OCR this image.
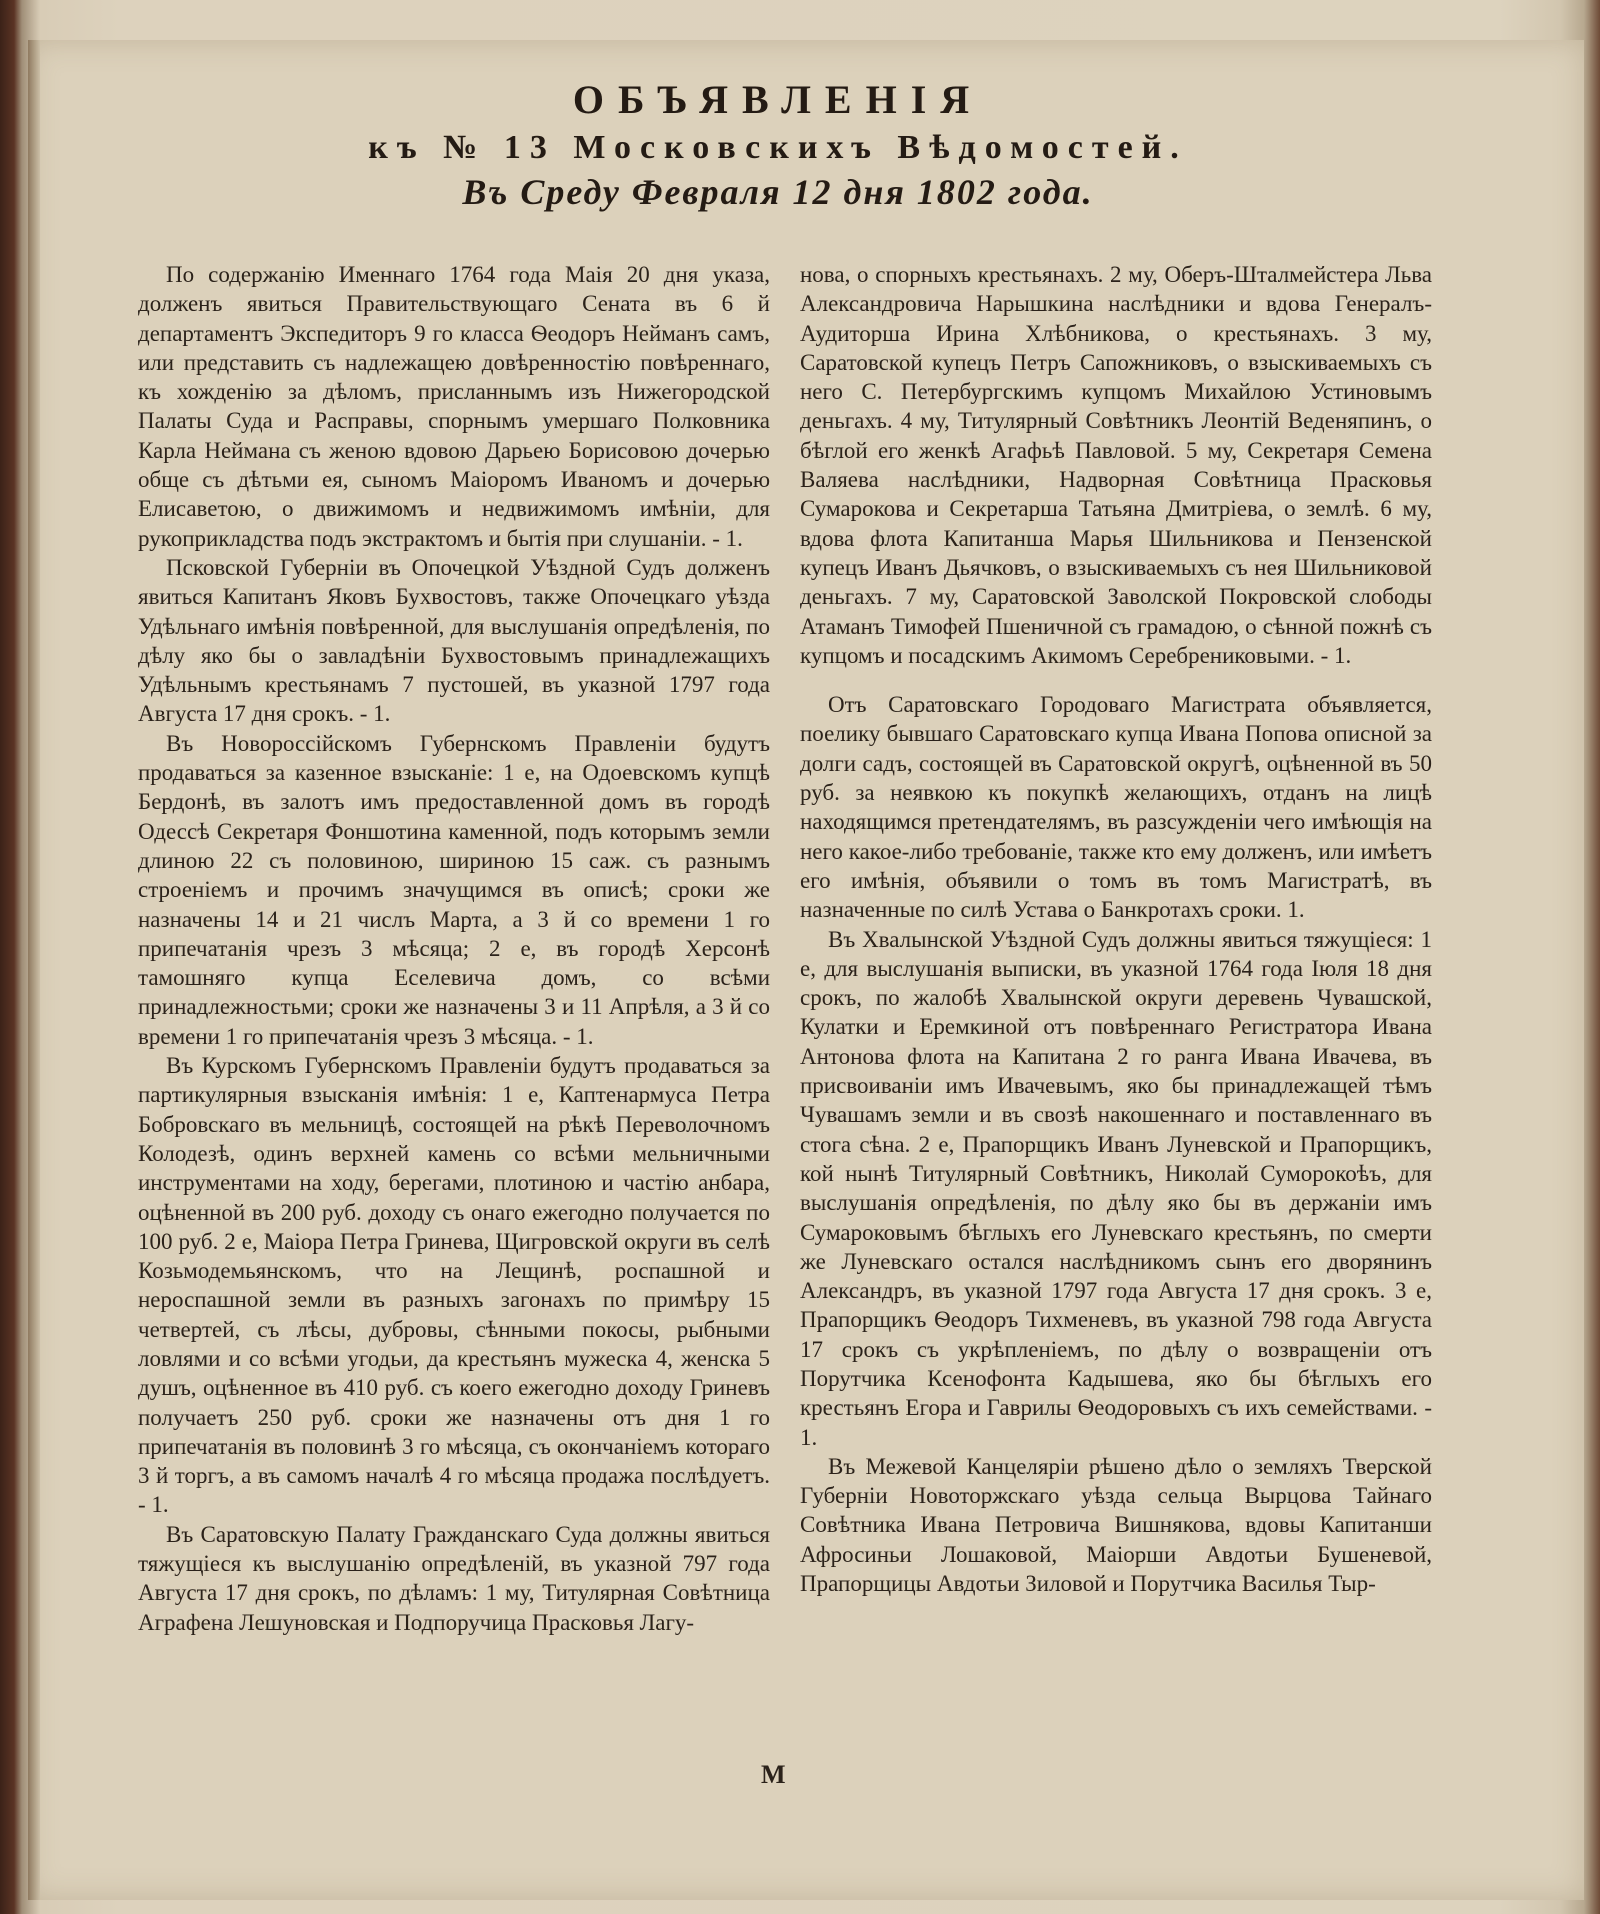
ОБЪЯВЛЕНІЯ
къ № 13 Московскихъ Вѣдомостей.
Въ Среду Февраля 12 дня 1802 года.

По содержанію Именнаго 1764 года Маія 20 дня указа, долженъ явиться Правительствующаго Сената въ 6 й департаментъ Экспедиторъ 9 го класса Ѳеодоръ Нейманъ самъ, или представить съ надлежащею довѣренностію повѣреннаго, къ хожденію за дѣломъ, присланнымъ изъ Нижегородской Палаты Суда и Расправы, спорнымъ умершаго Полковника Карла Неймана съ женою вдовою Дарьею Борисовою дочерью обще съ дѣтьми ея, сыномъ Маіоромъ Иваномъ и дочерью Елисаветою, о движимомъ и недвижимомъ имѣніи, для рукоприкладства подъ экстрактомъ и бытія при слушаніи. - 1.

Псковской Губерніи въ Опочецкой Уѣздной Судъ долженъ явиться Капитанъ Яковъ Бухвостовъ, также Опочецкаго уѣзда Удѣльнаго имѣнія повѣренной, для выслушанія опредѣленія, по дѣлу яко бы о завладѣніи Бухвостовымъ принадлежащихъ Удѣльнымъ крестьянамъ 7 пустошей, въ указной 1797 года Августа 17 дня срокъ. - 1.

Въ Новороссійскомъ Губернскомъ Правленіи будутъ продаваться за казенное взысканіе: 1 е, на Одоевскомъ купцѣ Бердонѣ, въ залотъ имъ предоставленной домъ въ городѣ Одессѣ Секретаря Фоншотина каменной, подъ которымъ земли длиною 22 съ половиною, шириною 15 саж. съ разнымъ строеніемъ и прочимъ значущимся въ описѣ; сроки же назначены 14 и 21 числъ Марта, а 3 й со времени 1 го припечатанія чрезъ 3 мѣсяца; 2 е, въ городѣ Херсонѣ тамошняго купца Еселевича домъ, со всѣми принадлежностьми; сроки же назначены 3 и 11 Апрѣля, а 3 й со времени 1 го припечатанія чрезъ 3 мѣсяца. - 1.

Въ Курскомъ Губернскомъ Правленіи будутъ продаваться за партикулярныя взысканія имѣнія: 1 е, Каптенармуса Петра Бобровскаго въ мельницѣ, состоящей на рѣкѣ Переволочномъ Колодезѣ, одинъ верхней камень со всѣми мельничными инструментами на ходу, берегами, плотиною и частію анбара, оцѣненной въ 200 руб. доходу съ онаго ежегодно получается по 100 руб. 2 е, Маіора Петра Гринева, Щигровской округи въ селѣ Козьмодемьянскомъ, что на Лещинѣ, роспашной и нероспашной земли въ разныхъ загонахъ по примѣру 15 четвертей, съ лѣсы, дубровы, сѣнными покосы, рыбными ловлями и со всѣми угодьи, да крестьянъ мужеска 4, женска 5 душъ, оцѣненное въ 410 руб. съ коего ежегодно доходу Гриневъ получаетъ 250 руб. сроки же назначены отъ дня 1 го припечатанія въ половинѣ 3 го мѣсяца, съ окончаніемъ котораго 3 й торгъ, а въ самомъ началѣ 4 го мѣсяца продажа послѣдуетъ. - 1.

Въ Саратовскую Палату Гражданскаго Суда должны явиться тяжущіеся къ выслушанію опредѣленій, въ указной 797 года Августа 17 дня срокъ, по дѣламъ: 1 му, Титулярная Совѣтница Аграфена Лешуновская и Подпоручица Прасковья Лагу-

нова, о спорныхъ крестьянахъ. 2 му, Оберъ-Шталмейстера Льва Александровича Нарышкина наслѣдники и вдова Генералъ-Аудиторша Ирина Хлѣбникова, о крестьянахъ. 3 му, Саратовской купецъ Петръ Сапожниковъ, о взыскиваемыхъ съ него С. Петербургскимъ купцомъ Михайлою Устиновымъ деньгахъ. 4 му, Титулярный Совѣтникъ Леонтій Веденяпинъ, о бѣглой его женкѣ Агафьѣ Павловой. 5 му, Секретаря Семена Валяева наслѣдники, Надворная Совѣтница Прасковья Сумарокова и Секретарша Татьяна Дмитріева, о землѣ. 6 му, вдова флота Капитанша Марья Шильникова и Пензенской купецъ Иванъ Дьячковъ, о взыскиваемыхъ съ нея Шильниковой деньгахъ. 7 му, Саратовской Заволской Покровской слободы Атаманъ Тимофей Пшеничной съ грамадою, о сѣнной пожнѣ съ купцомъ и посадскимъ Акимомъ Серебрениковыми. - 1.

Отъ Саратовскаго Городоваго Магистрата объявляется, поелику бывшаго Саратовскаго купца Ивана Попова описной за долги садъ, состоящей въ Саратовской округѣ, оцѣненной въ 50 руб. за неявкою къ покупкѣ желающихъ, отданъ на лицѣ находящимся претендателямъ, въ разсужденіи чего имѣющія на него какое-либо требованіе, также кто ему долженъ, или имѣетъ его имѣнія, объявили о томъ въ томъ Магистратѣ, въ назначенные по силѣ Устава о Банкротахъ сроки. 1.

Въ Хвалынской Уѣздной Судъ должны явиться тяжущіеся: 1 е, для выслушанія выписки, въ указной 1764 года Іюля 18 дня срокъ, по жалобѣ Хвалынской округи деревень Чувашской, Кулатки и Еремкиной отъ повѣреннаго Регистратора Ивана Антонова флота на Капитана 2 го ранга Ивана Ивачева, въ присвоиваніи имъ Ивачевымъ, яко бы принадлежащей тѣмъ Чувашамъ земли и въ свозѣ накошеннаго и поставленнаго въ стога сѣна. 2 е, Прапорщикъ Иванъ Луневской и Прапорщикъ, кой нынѣ Титулярный Совѣтникъ, Николай Суморокоѣъ, для выслушанія опредѣленія, по дѣлу яко бы въ держаніи имъ Сумароковымъ бѣглыхъ его Луневскаго крестьянъ, по смерти же Луневскаго остался наслѣдникомъ сынъ его дворянинъ Александръ, въ указной 1797 года Августа 17 дня срокъ. 3 е, Прапорщикъ Ѳеодоръ Тихменевъ, въ указной 798 года Августа 17 срокъ съ укрѣпленіемъ, по дѣлу о возвращеніи отъ Порутчика Ксенофонта Кадышева, яко бы бѣглыхъ его крестьянъ Егора и Гаврилы Ѳеодоровыхъ съ ихъ семействами. - 1.

Въ Межевой Канцеляріи рѣшено дѣло о земляхъ Тверской Губерніи Новоторжскаго уѣзда сельца Вырцова Тайнаго Совѣтника Ивана Петровича Вишнякова, вдовы Капитанши Афросиньи Лошаковой, Маіорши Авдотьи Бушеневой, Прапорщицы Авдотьи Зиловой и Порутчика Василья Тыр-

M
